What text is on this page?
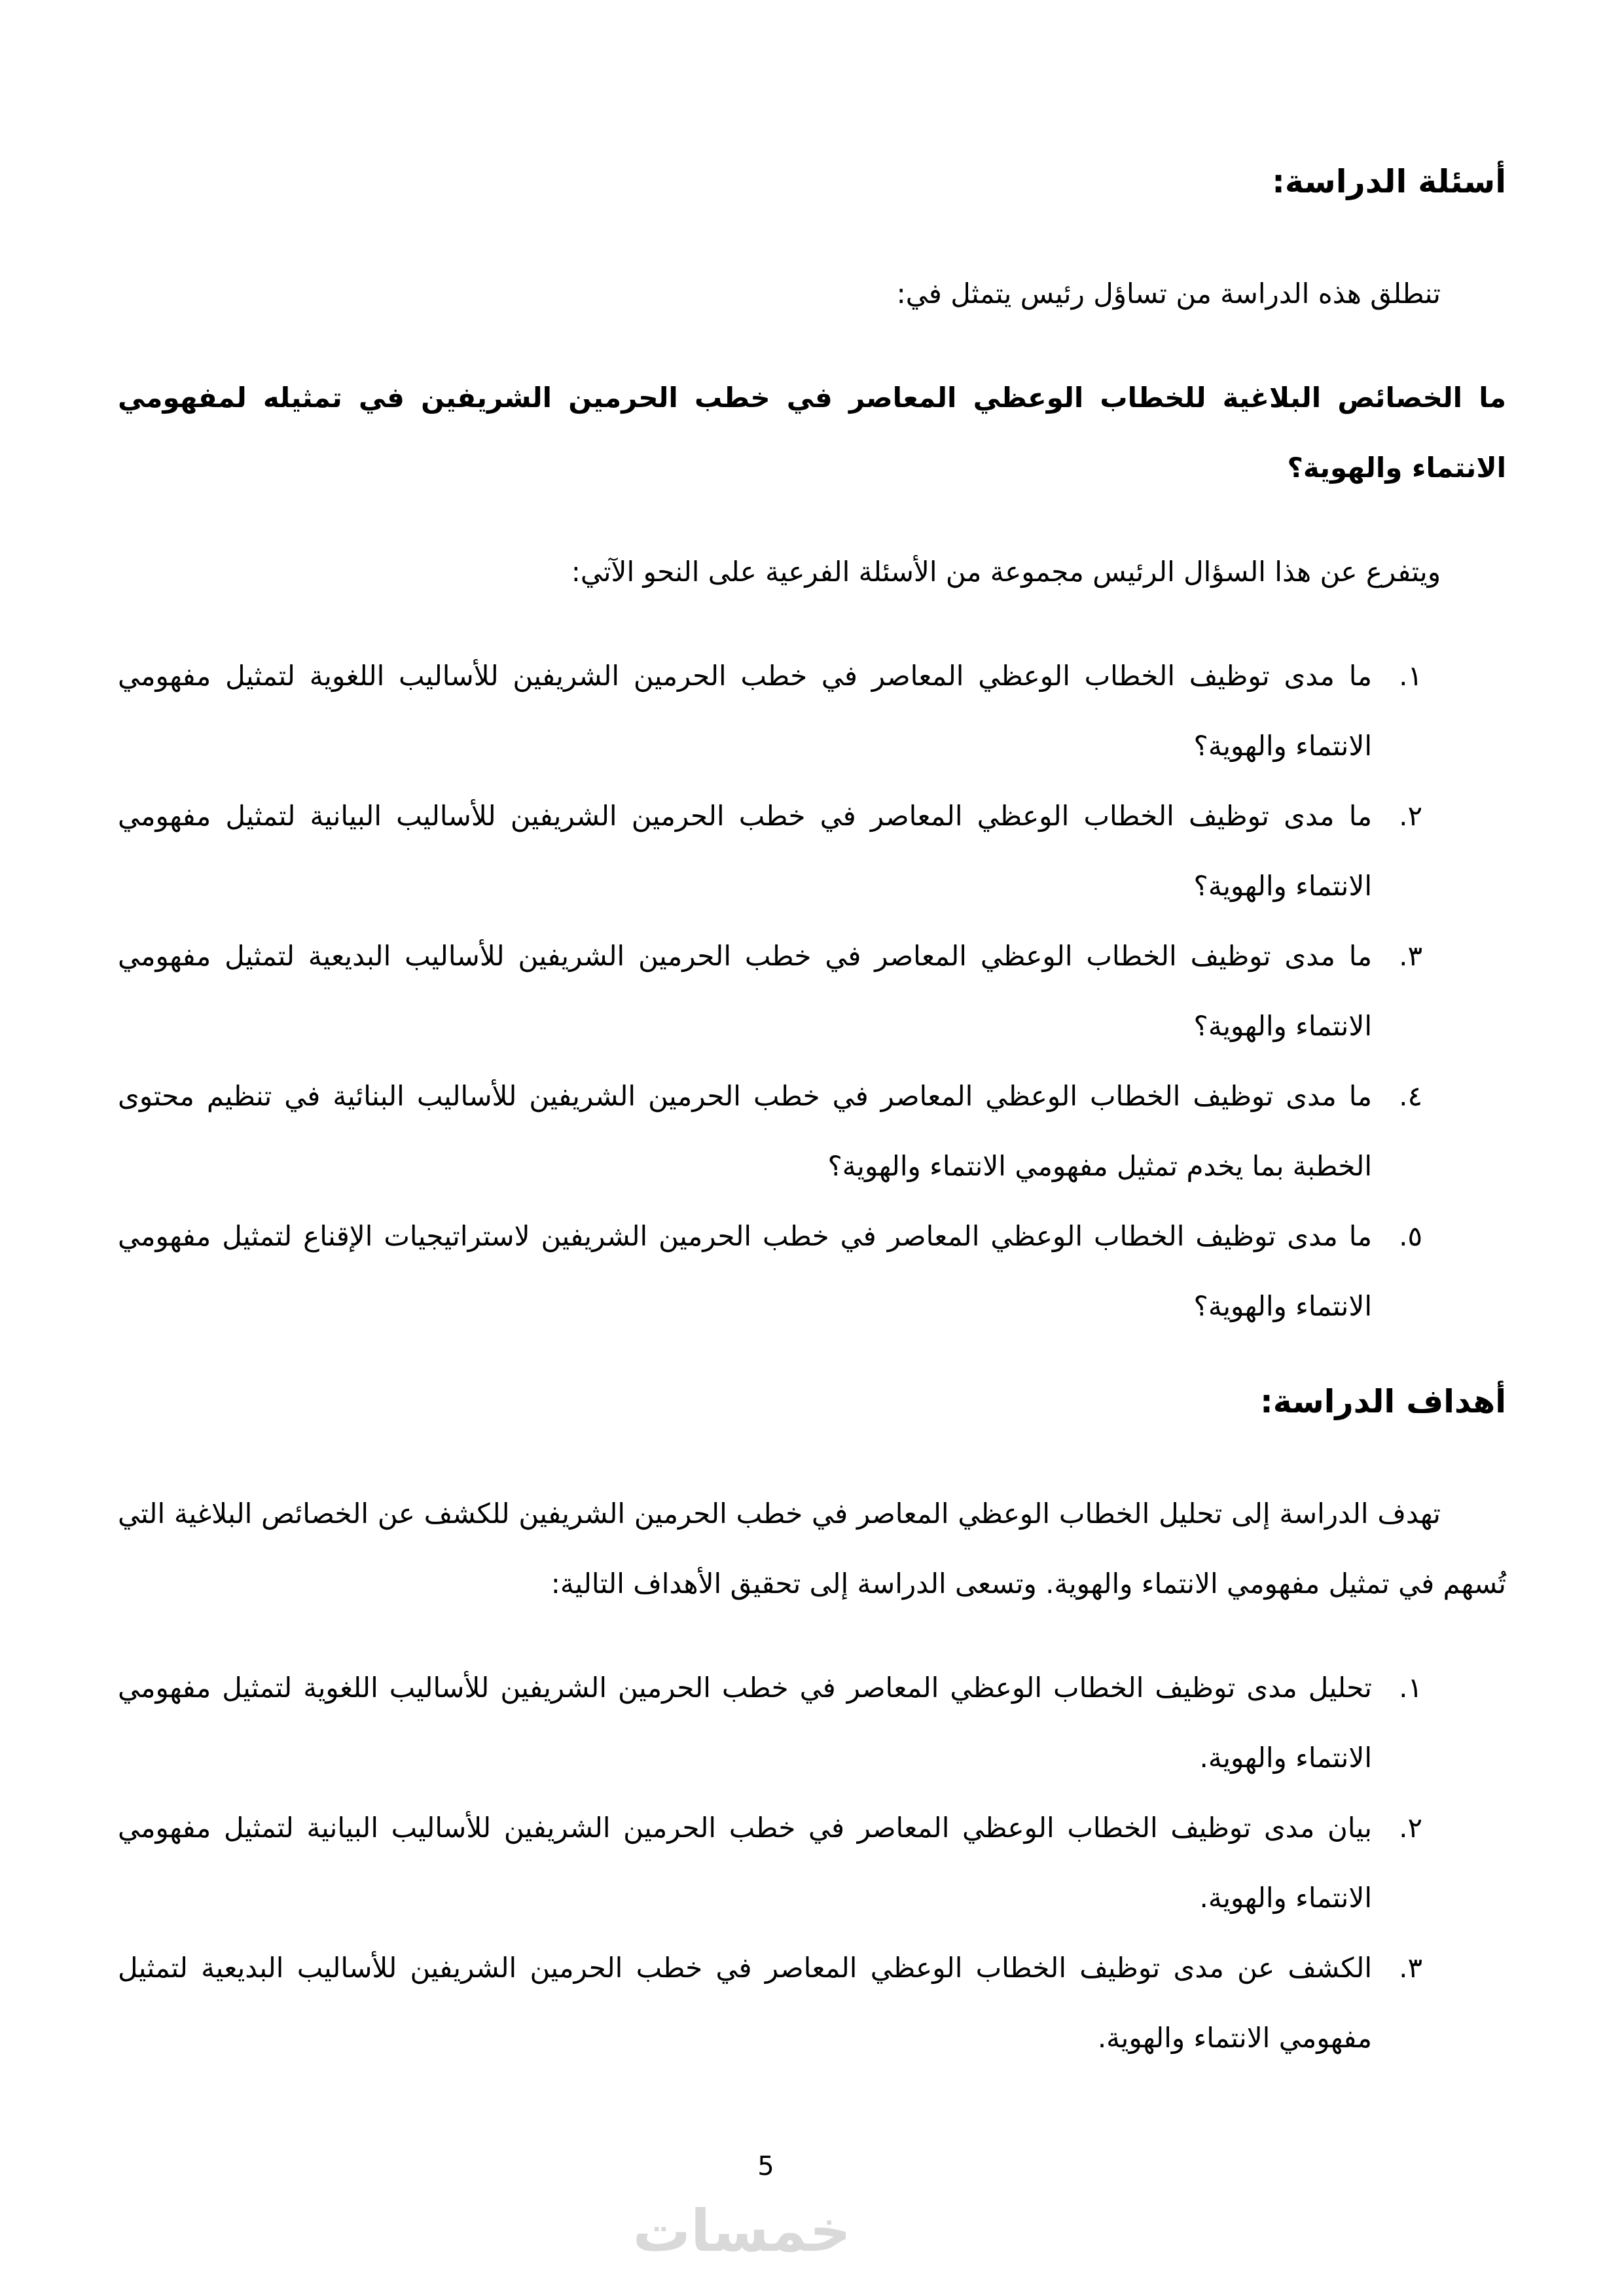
أسئلة الدراسة:

تنطلق هذه الدراسة من تساؤل رئيس يتمثل في:

ما الخصائص البلاغية للخطاب الوعظي المعاصر في خطب الحرمين الشريفين في تمثيله لمفهومي الانتماء والهوية؟

ويتفرع عن هذا السؤال الرئيس مجموعة من الأسئلة الفرعية على النحو الآتي:

١.
ما مدى توظيف الخطاب الوعظي المعاصر في خطب الحرمين الشريفين للأساليب اللغوية لتمثيل مفهومي الانتماء والهوية؟
٢.
ما مدى توظيف الخطاب الوعظي المعاصر في خطب الحرمين الشريفين للأساليب البيانية لتمثيل مفهومي الانتماء والهوية؟
٣.
ما مدى توظيف الخطاب الوعظي المعاصر في خطب الحرمين الشريفين للأساليب البديعية لتمثيل مفهومي الانتماء والهوية؟
٤.
ما مدى توظيف الخطاب الوعظي المعاصر في خطب الحرمين الشريفين للأساليب البنائية في تنظيم محتوى الخطبة بما يخدم تمثيل مفهومي الانتماء والهوية؟
٥.
ما مدى توظيف الخطاب الوعظي المعاصر في خطب الحرمين الشريفين لاستراتيجيات الإقناع لتمثيل مفهومي الانتماء والهوية؟
أهداف الدراسة:

تهدف الدراسة إلى تحليل الخطاب الوعظي المعاصر في خطب الحرمين الشريفين للكشف عن الخصائص البلاغية التي تُسهم في تمثيل مفهومي الانتماء والهوية. وتسعى الدراسة إلى تحقيق الأهداف التالية:

١.
تحليل مدى توظيف الخطاب الوعظي المعاصر في خطب الحرمين الشريفين للأساليب اللغوية لتمثيل مفهومي الانتماء والهوية.
٢.
بيان مدى توظيف الخطاب الوعظي المعاصر في خطب الحرمين الشريفين للأساليب البيانية لتمثيل مفهومي الانتماء والهوية.
٣.
الكشف عن مدى توظيف الخطاب الوعظي المعاصر في خطب الحرمين الشريفين للأساليب البديعية لتمثيل مفهومي الانتماء والهوية.
5
خمسات
